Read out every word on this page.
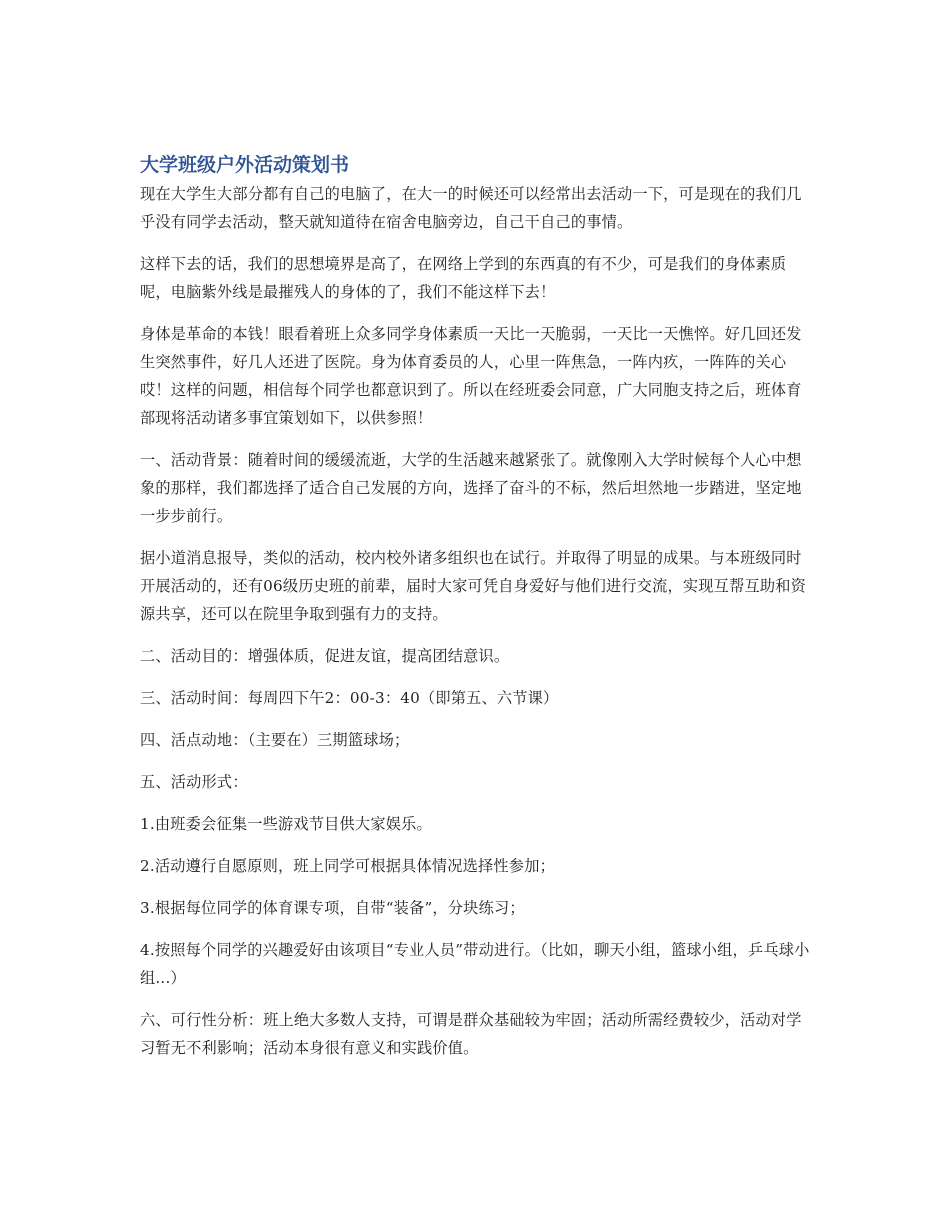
大学班级户外活动策划书

现在大学生大部分都有自己的电脑了，在大一的时候还可以经常出去活动一下，可是现在的我们几乎没有同学去活动，整天就知道待在宿舍电脑旁边，自己干自己的事情。

这样下去的话，我们的思想境界是高了，在网络上学到的东西真的有不少，可是我们的身体素质呢，电脑紫外线是最摧残人的身体的了，我们不能这样下去！

身体是革命的本钱！眼看着班上众多同学身体素质一天比一天脆弱，一天比一天憔悴。好几回还发生突然事件，好几人还进了医院。身为体育委员的人，心里一阵焦急，一阵内疚，一阵阵的关心哎！这样的问题，相信每个同学也都意识到了。所以在经班委会同意，广大同胞支持之后，班体育部现将活动诸多事宜策划如下，以供参照！

一、活动背景：随着时间的缓缓流逝，大学的生活越来越紧张了。就像刚入大学时候每个人心中想象的那样，我们都选择了适合自己发展的方向，选择了奋斗的不标，然后坦然地一步踏进，坚定地一步步前行。

据小道消息报导，类似的活动，校内校外诸多组织也在试行。并取得了明显的成果。与本班级同时开展活动的，还有06级历史班的前辈，届时大家可凭自身爱好与他们进行交流，实现互帮互助和资源共享，还可以在院里争取到强有力的支持。

二、活动目的：增强体质，促进友谊，提高团结意识。

三、活动时间：每周四下午2：00-3：40（即第五、六节课）

四、活点动地：（主要在）三期篮球场；

五、活动形式：

1.由班委会征集一些游戏节目供大家娱乐。

2.活动遵行自愿原则，班上同学可根据具体情况选择性参加；

3.根据每位同学的体育课专项，自带“装备”，分块练习；

4.按照每个同学的兴趣爱好由该项目“专业人员”带动进行。（比如，聊天小组，篮球小组，乒乓球小组...）

六、可行性分析：班上绝大多数人支持，可谓是群众基础较为牢固；活动所需经费较少，活动对学习暂无不利影响；活动本身很有意义和实践价值。
